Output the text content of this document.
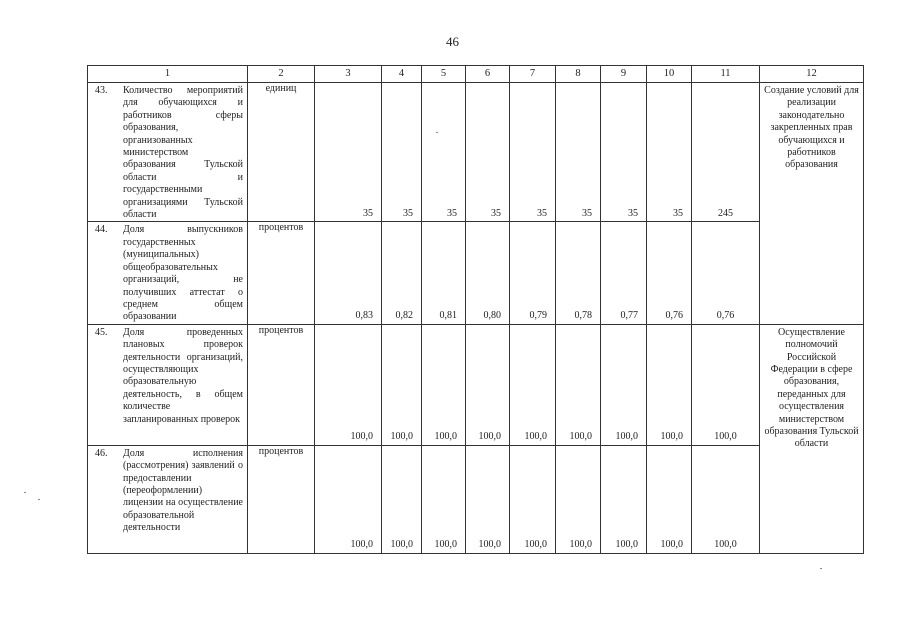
46
1	2	3	4	5	6	7	8	9	10	11	12

43. Количество мероприятий для обучающихся и работников сферы образования, организованных министерством образования Тульской области и государственными организациями Тульской области	единиц	35	35	35	35	35	35	35	35	245	Создание условий для реализации законодательно закрепленных прав обучающихся и работников образования

44. Доля выпускников государственных (муниципальных) общеобразовательных организаций, не получивших аттестат о среднем общем образовании	процентов	0,83	0,82	0,81	0,80	0,79	0,78	0,77	0,76	0,76	

45. Доля проведенных плановых проверок деятельности организаций, осуществляющих образовательную деятельность, в общем количестве запланированных проверок	процентов	100,0	100,0	100,0	100,0	100,0	100,0	100,0	100,0	100,0	Осуществление полномочий Российской Федерации в сфере образования, переданных для осуществления министерством образования Тульской области

46. Доля исполнения (рассмотрения) заявлений о предоставлении (переоформлении) лицензии на осуществление образовательной деятельности	процентов	100,0	100,0	100,0	100,0	100,0	100,0	100,0	100,0	100,0	
